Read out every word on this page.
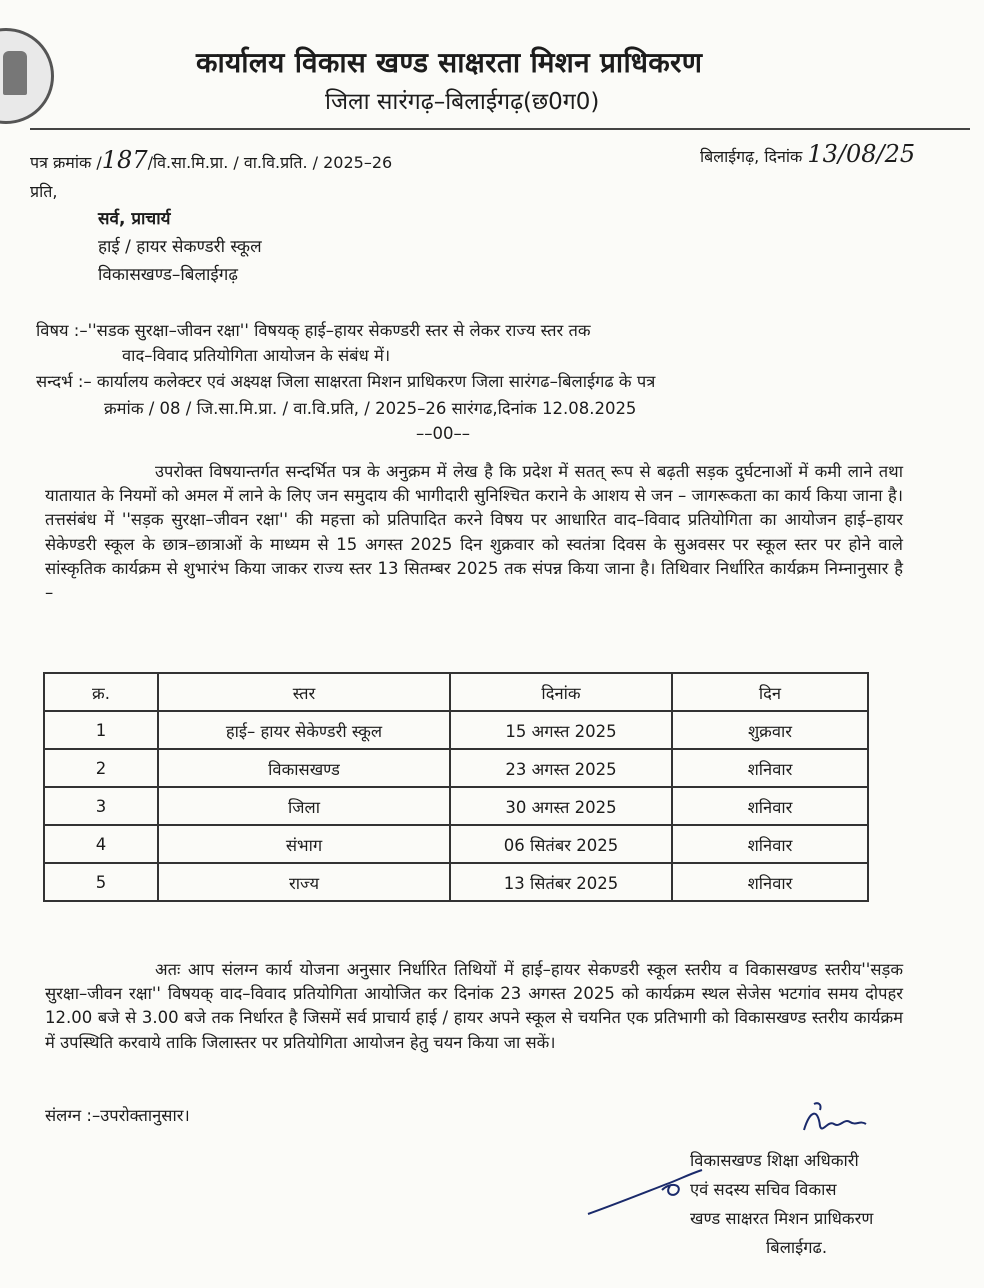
कार्यालय विकास खण्ड साक्षरता मिशन प्राधिकरण
जिला सारंगढ़–बिलाईगढ़(छ0ग0)
पत्र क्रमांक /187/वि.सा.मि.प्रा. / वा.वि.प्रति. / 2025–26	बिलाईगढ़, दिनांक 13/08/25
प्रति,
सर्व, प्राचार्य
हाई / हायर सेकण्डरी स्कूल
विकासखण्ड–बिलाईगढ़
विषय :–''सडक सुरक्षा–जीवन रक्षा'' विषयक् हाई–हायर सेकण्डरी स्तर से लेकर राज्य स्तर तक
वाद–विवाद प्रतियोगिता आयोजन के संबंध में।
सन्दर्भ :– कार्यालय कलेक्टर एवं अक्ष्यक्ष जिला साक्षरता मिशन प्राधिकरण जिला सारंगढ–बिलाईगढ के पत्र
क्रमांक / 08 / जि.सा.मि.प्रा. / वा.वि.प्रति, / 2025–26 सारंगढ,दिनांक 12.08.2025
––00––

उपरोक्त विषयान्तर्गत सन्दर्भित पत्र के अनुक्रम में लेख है कि प्रदेश में सतत् रूप से बढ़ती सड़क दुर्घटनाओं में कमी लाने तथा यातायात के नियमों को अमल में लाने के लिए जन समुदाय की भागीदारी सुनिश्चित कराने के आशय से जन – जागरूकता का कार्य किया जाना है। तत्तसंबंध में ''सड़क सुरक्षा–जीवन रक्षा'' की महत्ता को प्रतिपादित करने विषय पर आधारित वाद–विवाद प्रतियोगिता का आयोजन हाई–हायर सेकेण्डरी स्कूल के छात्र–छात्राओं के माध्यम से 15 अगस्त 2025 दिन शुक्रवार को स्वतंत्रा दिवस के सुअवसर पर स्कूल स्तर पर होने वाले सांस्कृतिक कार्यक्रम से शुभारंभ किया जाकर राज्य स्तर 13 सितम्बर 2025 तक संपन्न किया जाना है। तिथिवार निर्धारित कार्यक्रम निम्नानुसार है –

क्र.	स्तर	दिनांक	दिन
1	हाई– हायर सेकेण्डरी स्कूल	15 अगस्त 2025	शुक्रवार
2	विकासखण्ड	23 अगस्त 2025	शनिवार
3	जिला	30 अगस्त 2025	शनिवार
4	संभाग	06 सितंबर 2025	शनिवार
5	राज्य	13 सितंबर 2025	शनिवार

अतः आप संलग्न कार्य योजना अनुसार निर्धारित तिथियों में हाई–हायर सेकण्डरी स्कूल स्तरीय व विकासखण्ड स्तरीय''सड़क सुरक्षा–जीवन रक्षा'' विषयक् वाद–विवाद प्रतियोगिता आयोजित कर दिनांक 23 अगस्त 2025 को कार्यक्रम स्थल सेजेस भटगांव समय दोपहर 12.00 बजे से 3.00 बजे तक निर्धारत है जिसमें सर्व प्राचार्य हाई / हायर अपने स्कूल से चयनित एक प्रतिभागी को विकासखण्ड स्तरीय कार्यक्रम में उपस्थिति करवाये ताकि जिलास्तर पर प्रतियोगिता आयोजन हेतु चयन किया जा सकें।

संलग्न :–उपरोक्तानुसार।
विकासखण्ड शिक्षा अधिकारी
एवं सदस्य सचिव विकास
खण्ड साक्षरत मिशन प्राधिकरण
बिलाईगढ.
